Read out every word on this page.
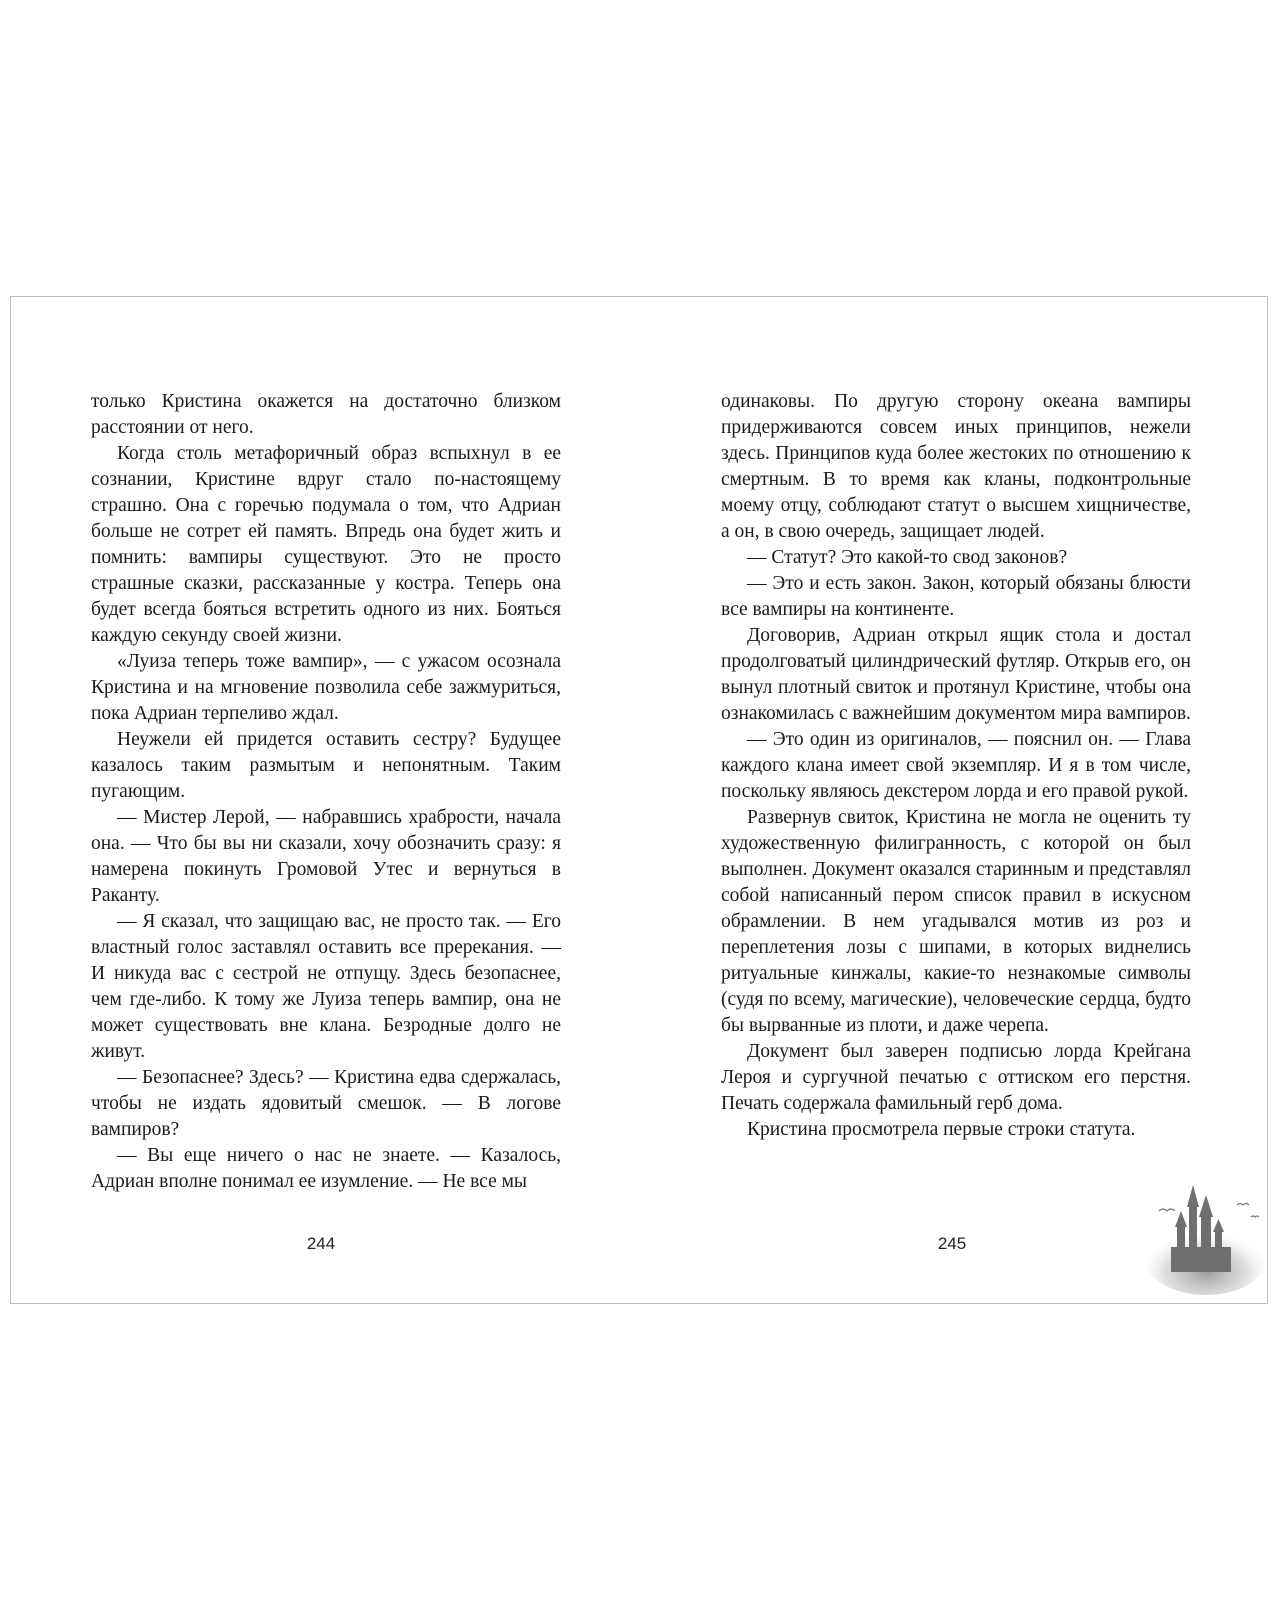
только Кристина окажется на достаточно близком расстоянии от него.

Когда столь метафоричный образ вспыхнул в ее сознании, Кристине вдруг стало по-настоящему страшно. Она с горечью подумала о том, что Адриан больше не сотрет ей память. Впредь она будет жить и помнить: вампиры существуют. Это не просто страшные сказки, рассказанные у костра. Теперь она будет всегда бояться встретить одного из них. Бояться каждую секунду своей жизни.

«Луиза теперь тоже вампир», — с ужасом осознала Кристина и на мгновение позволила себе зажмуриться, пока Адриан терпеливо ждал.

Неужели ей придется оставить сестру? Будущее казалось таким размытым и непонятным. Таким пугающим.

— Мистер Лерой, — набравшись храбрости, начала она. — Что бы вы ни сказали, хочу обозначить сразу: я намерена покинуть Громовой Утес и вернуться в Раканту.

— Я сказал, что защищаю вас, не просто так. — Его властный голос заставлял оставить все пререкания. — И никуда вас с сестрой не отпущу. Здесь безопаснее, чем где-либо. К тому же Луиза теперь вампир, она не может существовать вне клана. Безродные долго не живут.

— Безопаснее? Здесь? — Кристина едва сдержалась, чтобы не издать ядовитый смешок. — В логове вампиров?

— Вы еще ничего о нас не знаете. — Казалось, Адриан вполне понимал ее изумление. — Не все мы

244

одинаковы. По другую сторону океана вампиры придерживаются совсем иных принципов, нежели здесь. Принципов куда более жестоких по отношению к смертным. В то время как кланы, подконтрольные моему отцу, соблюдают статут о высшем хищничестве, а он, в свою очередь, защищает людей.

— Статут? Это какой-то свод законов?

— Это и есть закон. Закон, который обязаны блюсти все вампиры на континенте.

Договорив, Адриан открыл ящик стола и достал продолговатый цилиндрический футляр. Открыв его, он вынул плотный свиток и протянул Кристине, чтобы она ознакомилась с важнейшим документом мира вампиров.

— Это один из оригиналов, — пояснил он. — Глава каждого клана имеет свой экземпляр. И я в том числе, поскольку являюсь декстером лорда и его правой рукой.

Развернув свиток, Кристина не могла не оценить ту художественную филигранность, с которой он был выполнен. Документ оказался старинным и представлял собой написанный пером список правил в искусном обрамлении. В нем угадывался мотив из роз и переплетения лозы с шипами, в которых виднелись ритуальные кинжалы, какие-то незнакомые символы (судя по всему, магические), человеческие сердца, будто бы вырванные из плоти, и даже черепа.

Документ был заверен подписью лорда Крейгана Лероя и сургучной печатью с оттиском его перстня. Печать содержала фамильный герб дома.

Кристина просмотрела первые строки статута.

245
